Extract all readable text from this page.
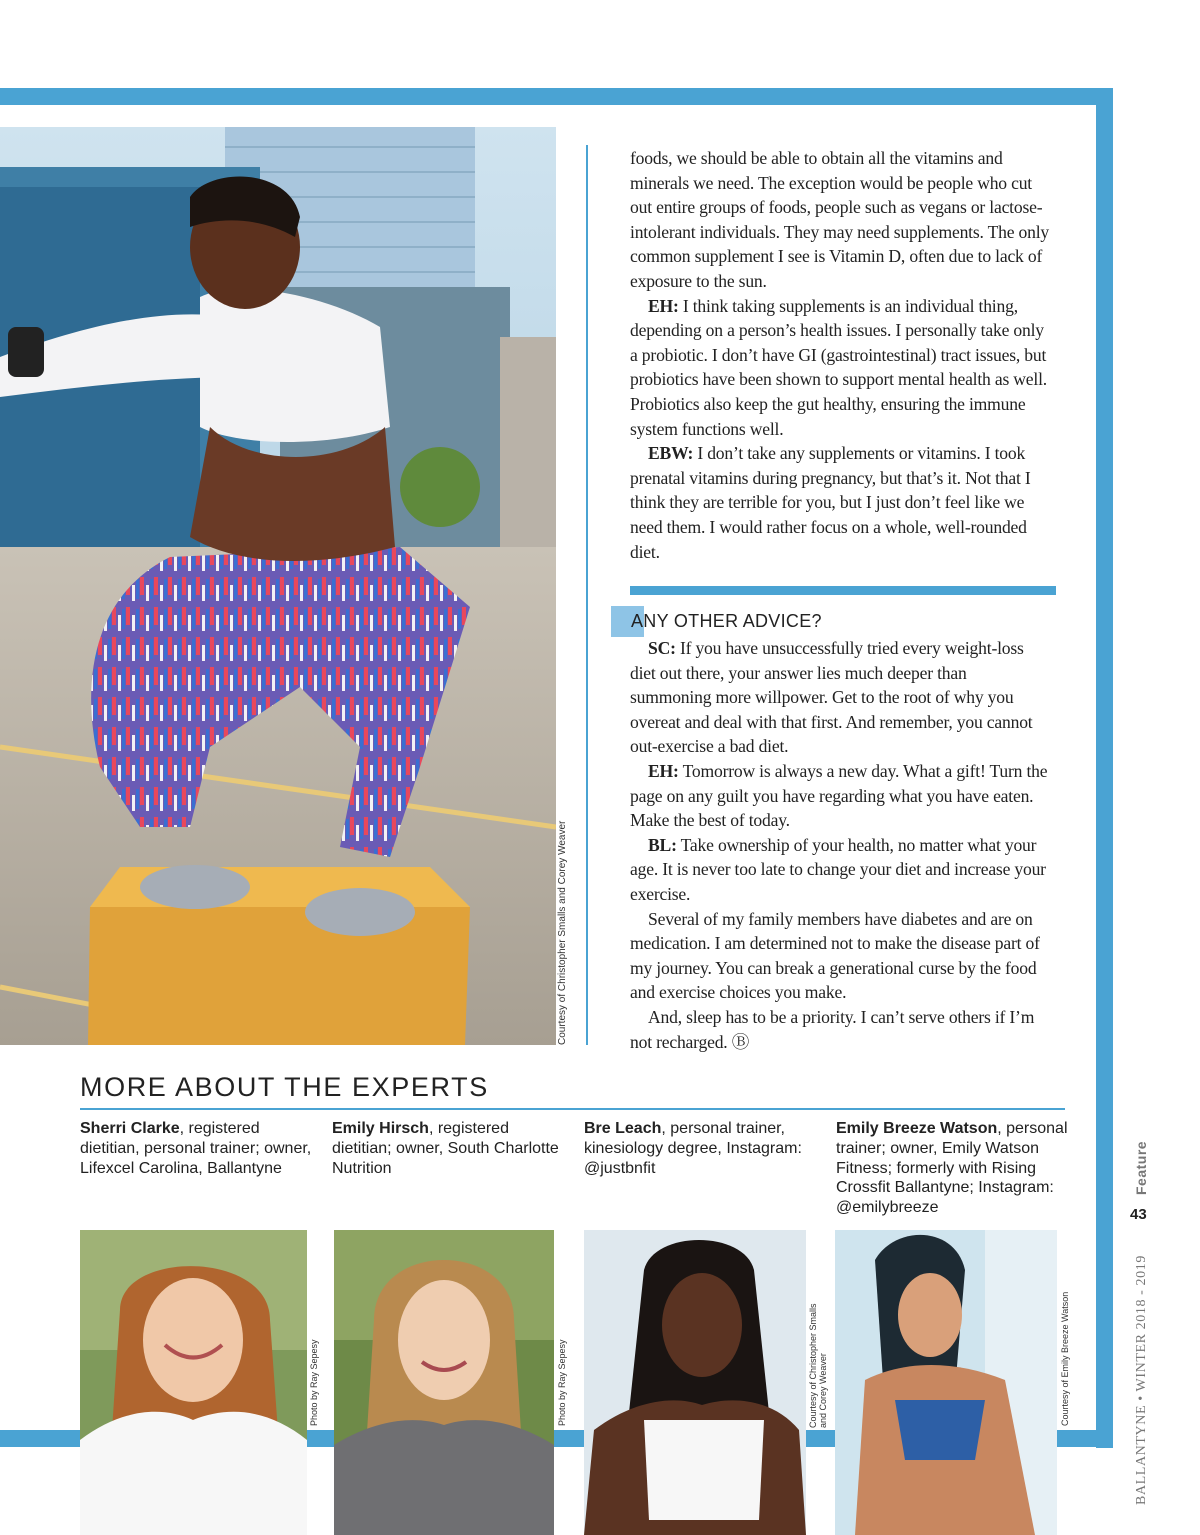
Courtesy of Christopher Smalls and Corey Weaver

foods, we should be able to obtain all the vitamins and minerals we need. The exception would be people who cut out entire groups of foods, people such as vegans or lactose-intolerant individuals. They may need supplements. The only common supplement I see is Vitamin D, often due to lack of exposure to the sun.

EH: I think taking supplements is an individual thing, depending on a person’s health issues. I personally take only a probiotic. I don’t have GI (gastrointestinal) tract issues, but probiotics have been shown to support mental health as well. Probiotics also keep the gut healthy, ensuring the immune system functions well.

EBW: I don’t take any supplements or vitamins. I took prenatal vitamins during pregnancy, but that’s it. Not that I think they are terrible for you, but I just don’t feel like we need them. I would rather focus on a whole, well-rounded diet.

ANY OTHER ADVICE?

SC: If you have unsuccessfully tried every weight-loss diet out there, your answer lies much deeper than summoning more willpower. Get to the root of why you overeat and deal with that first. And remember, you cannot out-exercise a bad diet.

EH: Tomorrow is always a new day. What a gift! Turn the page on any guilt you have regarding what you have eaten. Make the best of today.

BL: Take ownership of your health, no matter what your age. It is never too late to change your diet and increase your exercise.

Several of my family members have diabetes and are on medication. I am determined not to make the disease part of my journey. You can break a generational curse by the food and exercise choices you make.

And, sleep has to be a priority. I can’t serve others if I’m not recharged. Ⓑ

MORE ABOUT THE EXPERTS
Sherri Clarke, registered dietitian, personal trainer; owner, Lifexcel Carolina, Ballantyne
Emily Hirsch, registered dietitian; owner, South Charlotte Nutrition
Bre Leach, personal trainer, kinesiology degree, Instagram: @justbnfit
Emily Breeze Watson, personal trainer; owner, Emily Watson Fitness; formerly with Rising Crossfit Ballantyne; Instagram: @emilybreeze
Photo by Ray Sepesy	Photo by Ray Sepesy	Courtesy of Christopher Smalls and Corey Weaver	Courtesy of Emily Breeze Watson
Feature
43
BALLANTYNE • WINTER 2018 - 2019
